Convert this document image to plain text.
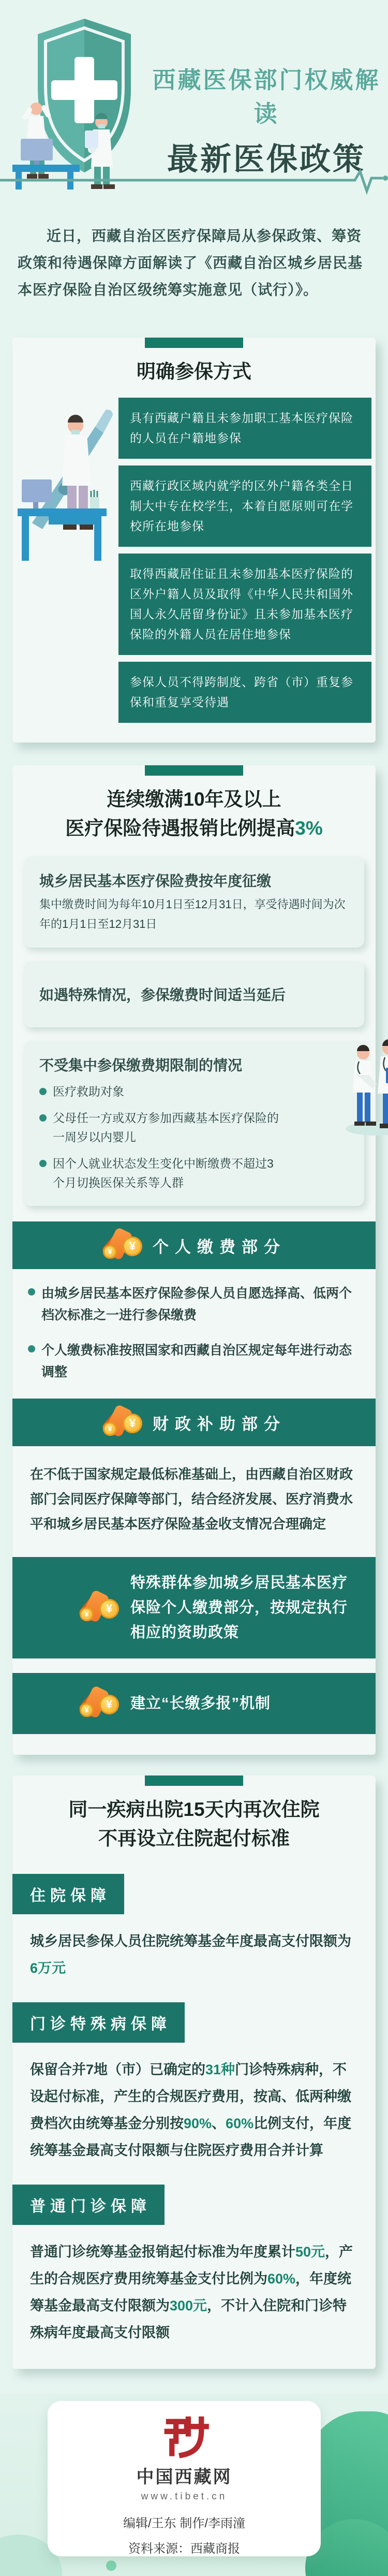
西藏医保部门权威解读
最新医保政策

近日，西藏自治区医疗保障局从参保政策、筹资政策和待遇保障方面解读了《西藏自治区城乡居民基本医疗保险自治区级统筹实施意见（试行）》。

明确参保方式
具有西藏户籍且未参加职工基本医疗保险的人员在户籍地参保
西藏行政区域内就学的区外户籍各类全日制大中专在校学生，本着自愿原则可在学校所在地参保
取得西藏居住证且未参加基本医疗保险的区外户籍人员及取得《中华人民共和国外国人永久居留身份证》且未参加基本医疗保险的外籍人员在居住地参保
参保人员不得跨制度、跨省（市）重复参保和重复享受待遇
连续缴满10年及以上
医疗保险待遇报销比例提高3%

城乡居民基本医疗保险费按年度征缴

集中缴费时间为每年10月1日至12月31日，享受待遇时间为次年的1月1日至12月31日

如遇特殊情况，参保缴费时间适当延后

不受集中参保缴费期限制的情况

医疗救助对象
父母任一方或双方参加西藏基本医疗保险的一周岁以内婴儿
因个人就业状态发生变化中断缴费不超过3个月切换医保关系等人群
¥	¥	个人缴费部分
由城乡居民基本医疗保险参保人员自愿选择高、低两个档次标准之一进行参保缴费
个人缴费标准按照国家和西藏自治区规定每年进行动态调整
¥	¥	财政补助部分

在不低于国家规定最低标准基础上，由西藏自治区财政部门会同医疗保障等部门，结合经济发展、医疗消费水平和城乡居民基本医疗保险基金收支情况合理确定

¥	¥
特殊群体参加城乡居民基本医疗保险个人缴费部分，按规定执行相应的资助政策
¥	¥	建立“长缴多报”机制
同一疾病出院15天内再次住院
不再设立住院起付标准
住院保障

城乡居民参保人员住院统筹基金年度最高支付限额为6万元

门诊特殊病保障

保留合并7地（市）已确定的31种门诊特殊病种，不设起付标准，产生的合规医疗费用，按高、低两种缴费档次由统筹基金分别按90%、60%比例支付，年度统筹基金最高支付限额与住院医疗费用合并计算

普通门诊保障

普通门诊统筹基金报销起付标准为年度累计50元，产生的合规医疗费用统筹基金支付比例为60%，年度统筹基金最高支付限额为300元，不计入住院和门诊特殊病年度最高支付限额

中国西藏网
www.tibet.cn
编辑/王东 制作/李雨潼
资料来源：西藏商报
